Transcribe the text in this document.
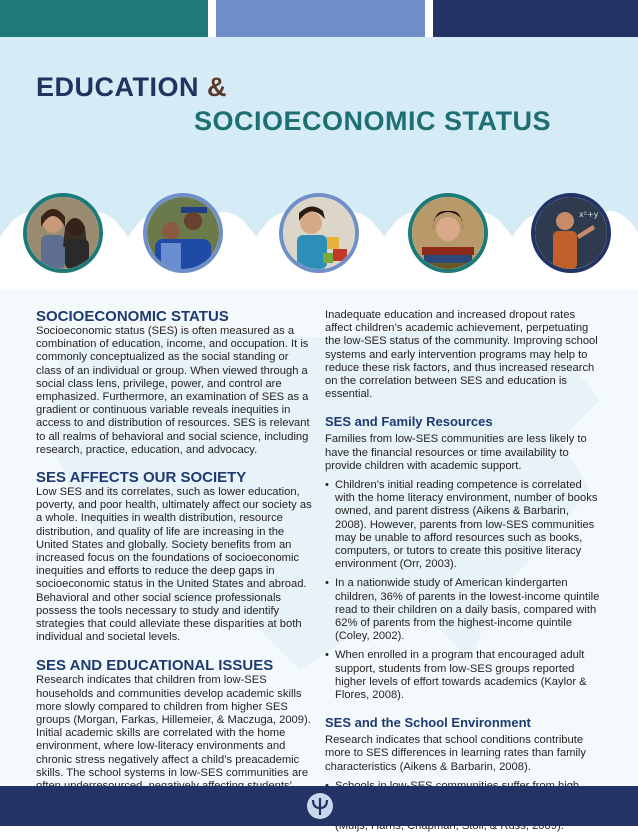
EDUCATION &
SOCIOECONOMIC STATUS
x²+y
SOCIOECONOMIC STATUS

Socioeconomic status (SES) is often measured as a combination of education, income, and occupation. It is commonly conceptualized as the social standing or class of an individual or group. When viewed through a social class lens, privilege, power, and control are emphasized. Furthermore, an examination of SES as a gradient or continuous variable reveals inequities in access to and distribution of resources. SES is relevant to all realms of behavioral and social science, including research, practice, education, and advocacy.

SES AFFECTS OUR SOCIETY

Low SES and its correlates, such as lower education, poverty, and poor health, ultimately affect our society as a whole. Inequities in wealth distribution, resource distribution, and quality of life are increasing in the United States and globally. Society benefits from an increased focus on the foundations of socioeconomic inequities and efforts to reduce the deep gaps in socioeconomic status in the United States and abroad. Behavioral and other social science professionals possess the tools necessary to study and identify strategies that could alleviate these disparities at both individual and societal levels.

SES AND EDUCATIONAL ISSUES

Research indicates that children from low-SES households and communities develop academic skills more slowly compared to children from higher SES groups (Morgan, Farkas, Hillemeier, & Maczuga, 2009). Initial academic skills are correlated with the home environment, where low-literacy environments and chronic stress negatively affect a child’s preacademic skills. The school systems in low-SES communities are

Inadequate education and increased dropout rates affect children’s academic achievement, perpetuating the low-SES status of the community. Improving school systems and early intervention programs may help to reduce these risk factors, and thus increased research on the correlation between SES and education is essential.

SES and Family Resources

Families from low-SES communities are less likely to have the financial resources or time availability to provide children with academic support.

• Children’s initial reading competence is correlated with the home literacy environment, number of books owned, and parent distress (Aikens & Barbarin, 2008). However, parents from low-SES communities may be unable to afford resources such as books, computers, or tutors to create this positive literacy environment (Orr, 2003).
• In a nationwide study of American kindergarten children, 36% of parents in the lowest-income quintile read to their children on a daily basis, compared with 62% of parents from the highest-income quintile (Coley, 2002).
• When enrolled in a program that encouraged adult support, students from low-SES groups reported higher levels of effort towards academics (Kaylor & Flores, 2008).
SES and the School Environment

Research indicates that school conditions contribute more to SES differences in learning rates than family characteristics (Aikens & Barbarin, 2008).

•
